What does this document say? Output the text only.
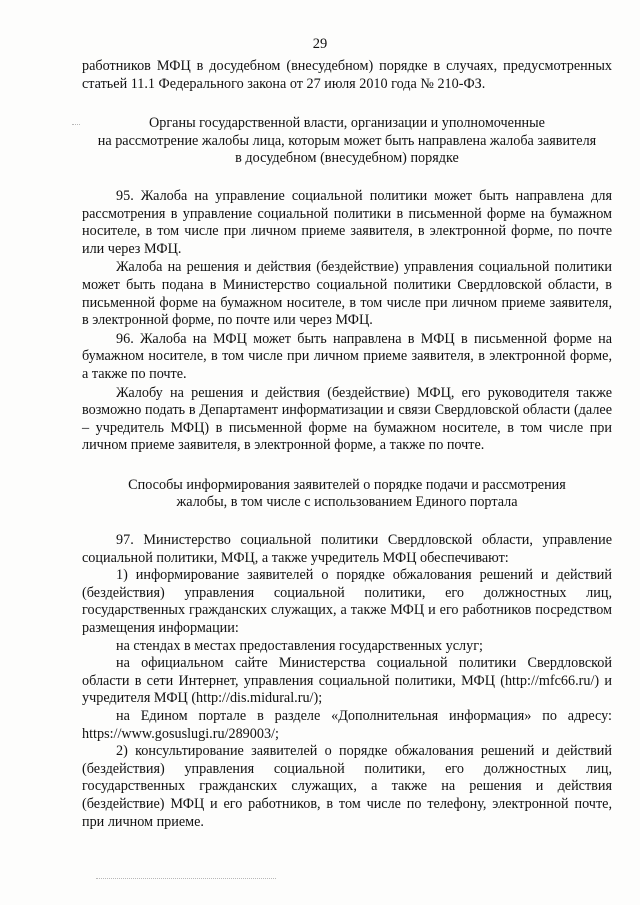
29

работников МФЦ в досудебном (внесудебном) порядке в случаях, предусмотренных статьей 11.1 Федерального закона от 27 июля 2010 года № 210-ФЗ.

Органы государственной власти, организации и уполномоченные
на рассмотрение жалобы лица, которым может быть направлена жалоба заявителя
в досудебном (внесудебном) порядке

95. Жалоба на управление социальной политики может быть направлена для рассмотрения в управление социальной политики в письменной форме на бумажном носителе, в том числе при личном приеме заявителя, в электронной форме, по почте или через МФЦ.

Жалоба на решения и действия (бездействие) управления социальной политики может быть подана в Министерство социальной политики Свердловской области, в письменной форме на бумажном носителе, в том числе при личном приеме заявителя, в электронной форме, по почте или через МФЦ.

96. Жалоба на МФЦ может быть направлена в МФЦ в письменной форме на бумажном носителе, в том числе при личном приеме заявителя, в электронной форме, а также по почте.

Жалобу на решения и действия (бездействие) МФЦ, его руководителя также возможно подать в Департамент информатизации и связи Свердловской области (далее – учредитель МФЦ) в письменной форме на бумажном носителе, в том числе при личном приеме заявителя, в электронной форме, а также по почте.

Способы информирования заявителей о порядке подачи и рассмотрения
жалобы, в том числе с использованием Единого портала

97. Министерство социальной политики Свердловской области, управление социальной политики, МФЦ, а также учредитель МФЦ обеспечивают:

1) информирование заявителей о порядке обжалования решений и действий (бездействия) управления социальной политики, его должностных лиц, государственных гражданских служащих, а также МФЦ и его работников посредством размещения информации:

на стендах в местах предоставления государственных услуг;

на официальном сайте Министерства социальной политики Свердловской области в сети Интернет, управления социальной политики, МФЦ (http://mfc66.ru/) и учредителя МФЦ (http://dis.midural.ru/);

на Едином портале в разделе «Дополнительная информация» по адресу: https://www.gosuslugi.ru/289003/;

2) консультирование заявителей о порядке обжалования решений и действий (бездействия) управления социальной политики, его должностных лиц, государственных гражданских служащих, а также на решения и действия (бездействие) МФЦ и его работников, в том числе по телефону, электронной почте, при личном приеме.
